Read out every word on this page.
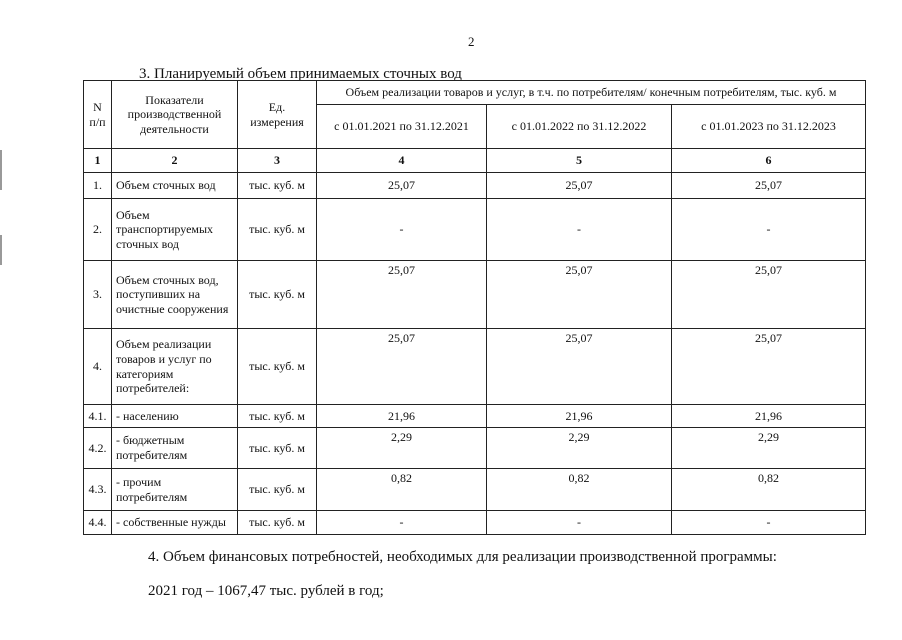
2
3. Планируемый объем принимаемых сточных вод
N п/п	Показатели производственной деятельности	Ед. измерения	Объем реализации товаров и услуг, в т.ч. по потребителям/ конечным потребителям, тыс. куб. м		
			с 01.01.2021 по 31.12.2021	с 01.01.2022 по 31.12.2022	с 01.01.2023 по 31.12.2023
1	2	3	4	5	6
1.	Объем сточных вод	тыс. куб. м	25,07	25,07	25,07
2.	Объем транспортируемых сточных вод	тыс. куб. м	-	-	-
3.	Объем сточных вод, поступивших на очистные сооружения	тыс. куб. м	25,07	25,07	25,07
4.	Объем реализации товаров и услуг по категориям потребителей:	тыс. куб. м	25,07	25,07	25,07
4.1.	- населению	тыс. куб. м	21,96	21,96	21,96
4.2.	- бюджетным потребителям	тыс. куб. м	2,29	2,29	2,29
4.3.	- прочим потребителям	тыс. куб. м	0,82	0,82	0,82
4.4.	- собственные нужды	тыс. куб. м	-	-	-
4. Объем финансовых потребностей, необходимых для реализации производственной программы:
2021 год – 1067,47 тыс. рублей в год;
